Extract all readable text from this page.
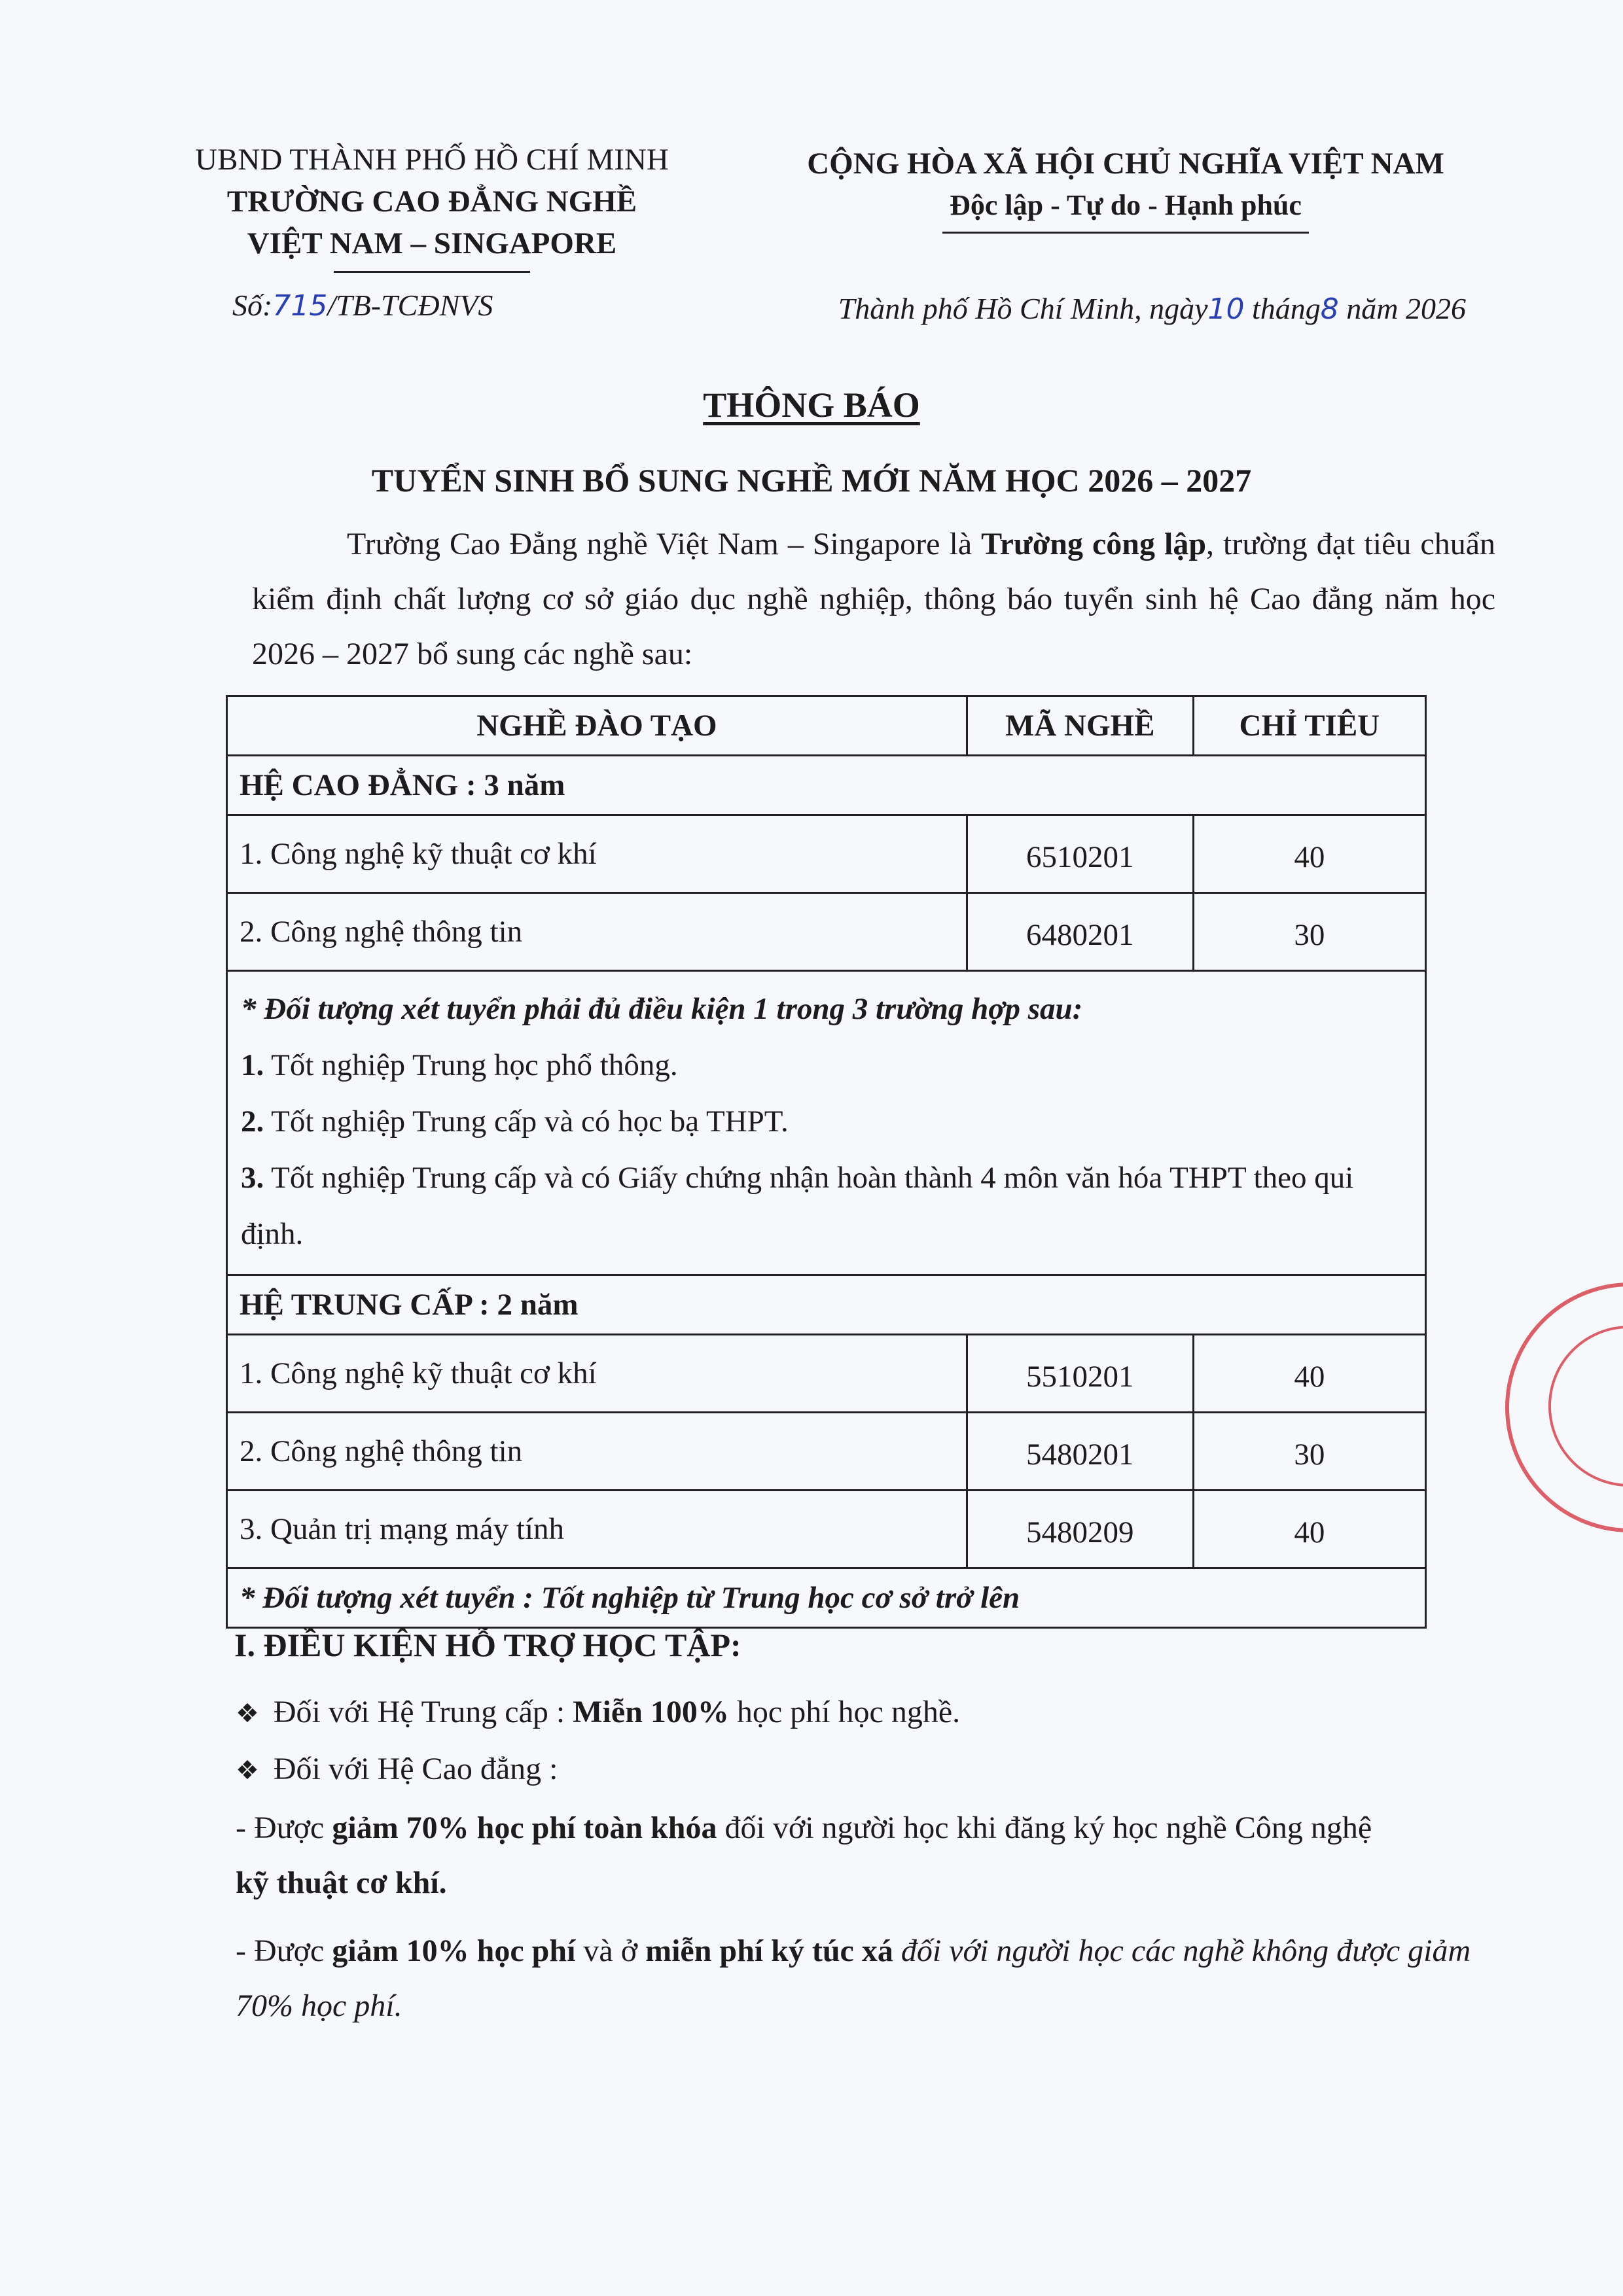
UBND THÀNH PHỐ HỒ CHÍ MINH
TRƯỜNG CAO ĐẲNG NGHỀ
VIỆT NAM – SINGAPORE
CỘNG HÒA XÃ HỘI CHỦ NGHĨA VIỆT NAM
Độc lập - Tự do - Hạnh phúc
Số:715/TB-TCĐNVS	Thành phố Hồ Chí Minh, ngày10 tháng8 năm 2026
THÔNG BÁO
TUYỂN SINH BỔ SUNG NGHỀ MỚI NĂM HỌC 2026 – 2027
Trường Cao Đẳng nghề Việt Nam – Singapore là Trường công lập, trường đạt tiêu chuẩn kiểm định chất lượng cơ sở giáo dục nghề nghiệp, thông báo tuyển sinh hệ Cao đẳng năm học 2026 – 2027 bổ sung các nghề sau:
NGHỀ ĐÀO TẠO	MÃ NGHỀ	CHỈ TIÊU
HỆ CAO ĐẲNG : 3 năm		
1. Công nghệ kỹ thuật cơ khí	6510201	40
2. Công nghệ thông tin	6480201	30

* Đối tượng xét tuyển phải đủ điều kiện 1 trong 3 trường hợp sau:
1. Tốt nghiệp Trung học phổ thông.
2. Tốt nghiệp Trung cấp và có học bạ THPT.
3. Tốt nghiệp Trung cấp và có Giấy chứng nhận hoàn thành 4 môn văn hóa THPT theo qui định.		

HỆ TRUNG CẤP : 2 năm		
1. Công nghệ kỹ thuật cơ khí	5510201	40
2. Công nghệ thông tin	5480201	30
3. Quản trị mạng máy tính	5480209	40
* Đối tượng xét tuyển : Tốt nghiệp từ Trung học cơ sở trở lên		
I. ĐIỀU KIỆN HỖ TRỢ HỌC TẬP:
❖ Đối với Hệ Trung cấp : Miễn 100% học phí học nghề.
❖ Đối với Hệ Cao đẳng :
- Được giảm 70% học phí toàn khóa đối với người học khi đăng ký học nghề Công nghệ
kỹ thuật cơ khí.
- Được giảm 10% học phí và ở miễn phí ký túc xá đối với người học các nghề không được giảm 70% học phí.
